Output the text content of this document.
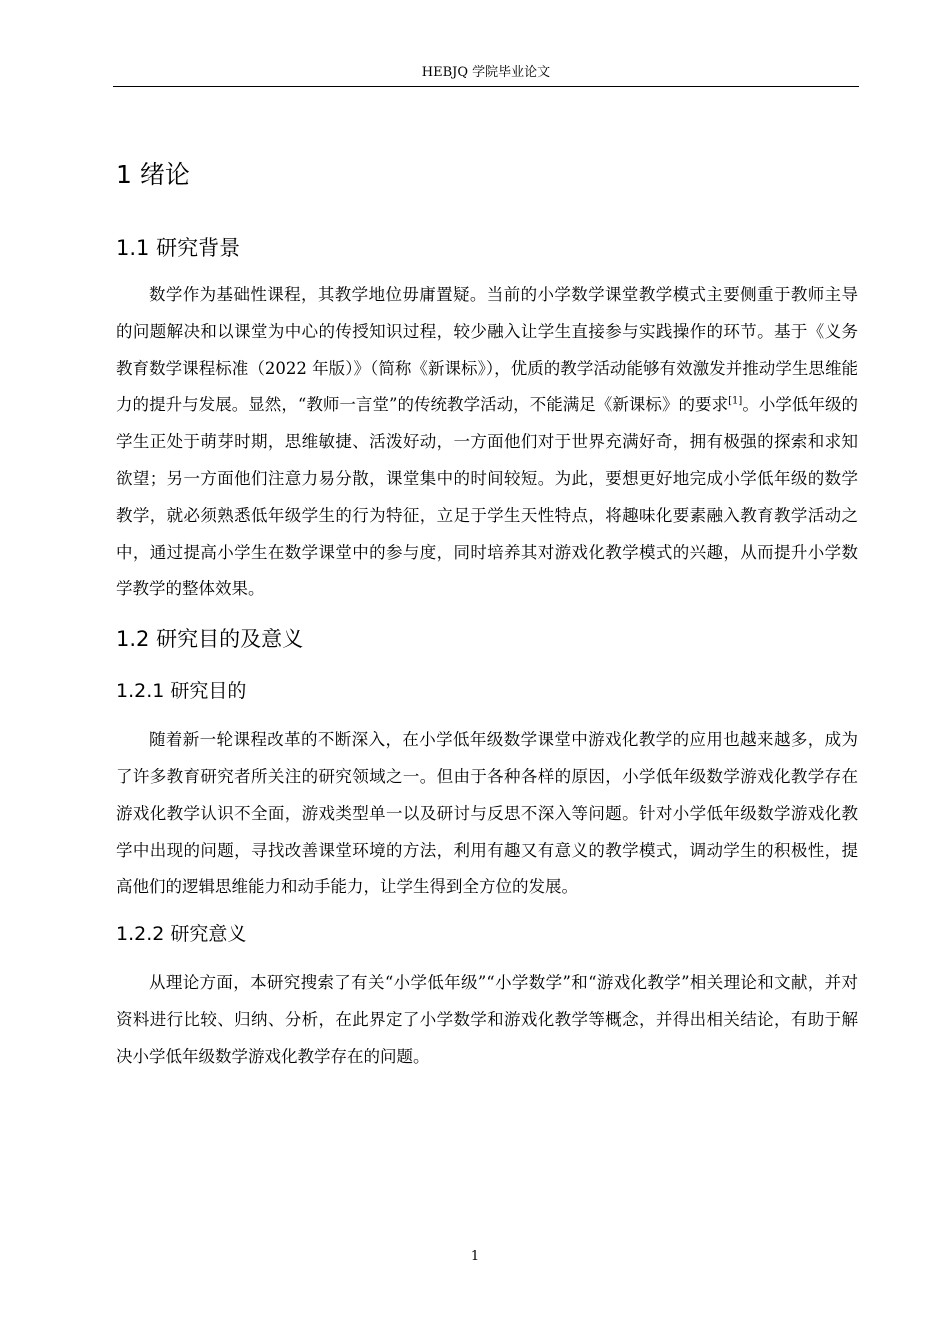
HEBJQ 学院毕业论文
1 绪论
1.1 研究背景

数学作为基础性课程，其教学地位毋庸置疑。当前的小学数学课堂教学模式主要侧重于教师主导的问题解决和以课堂为中心的传授知识过程，较少融入让学生直接参与实践操作的环节。基于《义务教育数学课程标准（2022 年版）》（简称《新课标》），优质的教学活动能够有效激发并推动学生思维能力的提升与发展。显然，“教师一言堂”的传统教学活动，不能满足《新课标》的要求[1]。小学低年级的学生正处于萌芽时期，思维敏捷、活泼好动，一方面他们对于世界充满好奇，拥有极强的探索和求知欲望；另一方面他们注意力易分散，课堂集中的时间较短。为此，要想更好地完成小学低年级的数学教学，就必须熟悉低年级学生的行为特征，立足于学生天性特点，将趣味化要素融入教育教学活动之中，通过提高小学生在数学课堂中的参与度，同时培养其对游戏化教学模式的兴趣，从而提升小学数学教学的整体效果。

1.2 研究目的及意义
1.2.1 研究目的

随着新一轮课程改革的不断深入，在小学低年级数学课堂中游戏化教学的应用也越来越多，成为了许多教育研究者所关注的研究领域之一。但由于各种各样的原因，小学低年级数学游戏化教学存在游戏化教学认识不全面，游戏类型单一以及研讨与反思不深入等问题。针对小学低年级数学游戏化教学中出现的问题，寻找改善课堂环境的方法，利用有趣又有意义的教学模式，调动学生的积极性，提高他们的逻辑思维能力和动手能力，让学生得到全方位的发展。

1.2.2 研究意义

从理论方面，本研究搜索了有关“小学低年级”“小学数学”和“游戏化教学”相关理论和文献，并对资料进行比较、归纳、分析，在此界定了小学数学和游戏化教学等概念，并得出相关结论，有助于解决小学低年级数学游戏化教学存在的问题。

1
